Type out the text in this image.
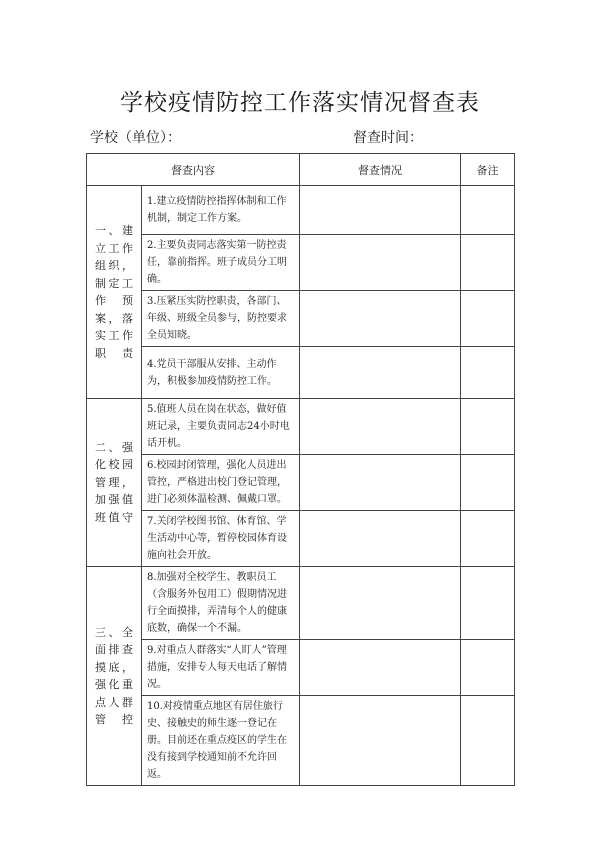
学校疫情防控工作落实情况督查表
学校（单位）：	督查时间：
督查内容		督查情况	备注
一、建立工作组织，制定工作预案，落实工作职责	1.建立疫情防控指挥体制和工作机制，制定工作方案。		
	2.主要负责同志落实第一防控责任，靠前指挥。班子成员分工明确。		
	3.压紧压实防控职责，各部门、年级、班级全员参与，防控要求全员知晓。		
	4.党员干部服从安排、主动作为，积极参加疫情防控工作。		
二、强化校园管理，加强值班值守	5.值班人员在岗在状态，做好值班记录，主要负责同志24小时电话开机。		
	6.校园封闭管理，强化人员进出管控，严格进出校门登记管理，进门必须体温检测、佩戴口罩。		
	7.关闭学校图书馆、体育馆、学生活动中心等，暂停校园体育设施向社会开放。		
三、全面排查摸底，强化重点人群管控	8.加强对全校学生、教职员工（含服务外包用工）假期情况进行全面摸排，弄清每个人的健康底数，确保一个不漏。		
	9.对重点人群落实“人盯人”管理措施，安排专人每天电话了解情况。		
	10.对疫情重点地区有居住旅行史、接触史的师生逐一登记在册。目前还在重点疫区的学生在没有接到学校通知前不允许回返。		
